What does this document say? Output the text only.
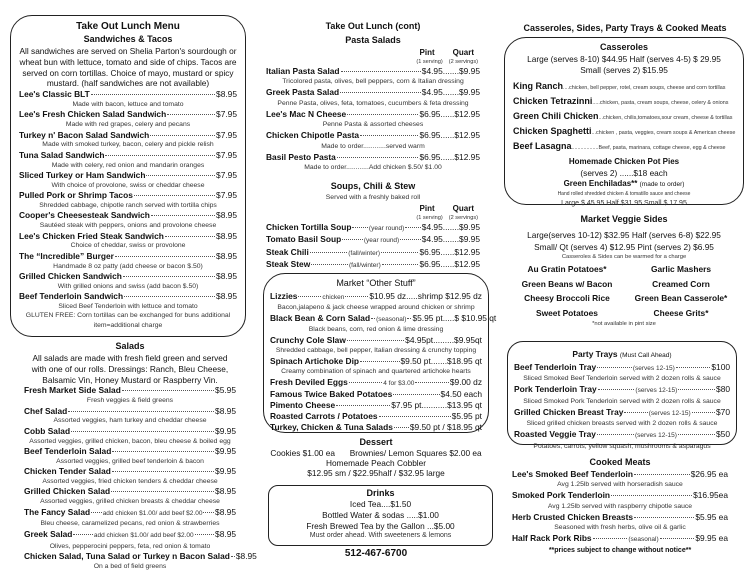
Take Out Lunch Menu
Sandwiches & Tacos
All sandwiches are served on Shelia Parton's sourdough or wheat bun with lettuce, tomato and side of chips. Tacos are served on corn tortillas. Choice of mayo, mustard or spicy mustard. (half sandwiches are not available)
Lee's Classic BLT	$8.95
Made with bacon, lettuce and tomato
Lee's Fresh Chicken Salad Sandwich	$7.95
Made with red grapes, celery and pecans
Turkey n' Bacon Salad Sandwich	$7.95
Made with smoked turkey, bacon, celery and pickle relish
Tuna Salad Sandwich	$7.95
Made with celery, red onion and mandarin oranges
Sliced Turkey or Ham Sandwich	$7.95
With choice of provolone, swiss or cheddar cheese
Pulled Pork or Shrimp Tacos	$7.95
Shredded cabbage, chipotle ranch served with tortilla chips
Cooper's Cheesesteak Sandwich	$8.95
Sautéed steak with peppers, onions and provolone cheese
Lee's Chicken Fried Steak Sandwich	$8.95
Choice of cheddar, swiss or provolone
The “Incredible” Burger	$8.95
Handmade 8 oz patty (add cheese or bacon $.50)
Grilled Chicken Sandwich	$8.95
With grilled onions and swiss (add bacon $.50)
Beef Tenderloin Sandwich	$8.95
Sliced Beef Tenderloin with lettuce and tomato
GLUTEN FREE: Corn tortillas can be exchanged for buns additional item=additional charge
Salads
All salads are made with fresh field green and served with one of our rolls. Dressings: Ranch, Bleu Cheese, Balsamic Vin, Honey Mustard or Raspberry Vin.
Fresh Market Side Salad	$5.95
Fresh veggies & field greens
Chef Salad	$8.95
Assorted veggies, ham turkey and cheddar cheese
Cobb Salad	$9.95
Assorted veggies, grilled chicken, bacon, bleu cheese & boiled egg
Beef Tenderloin Salad	$9.95
Assorted veggies, grilled beef tenderloin & bacon
Chicken Tender Salad	$9.95
Assorted veggies, fried chicken tenders & cheddar cheese
Grilled Chicken Salad	$8.95
Assorted veggies, grilled chicken breasts & cheddar cheese
The Fancy Salad add chicken $1.00/ add beef $2.00 $8.95
Bleu cheese, caramelized pecans, red onion & strawberries
Greek Salad	add chicken $1.00/ add beef $2.00	$8.95
Olives, pepperocini peppers, feta, red onion & tomato
Chicken Salad, Tuna Salad or Turkey n Bacon Salad $8.95
On a bed of field greens
Take Out Lunch (cont)
Pasta Salads
Pint Quart
(1 serving) (2 servings)
Italian Pasta Salad	$4.95.......$9.95
Tricolored pasta, olives, bell peppers, corn & Italian dressing
Greek Pasta Salad	$4.95.......$9.95
Penne Pasta, olives, feta, tomatoes, cucumbers & feta dressing
Lee's Mac N Cheese	$6.95......$12.95
Penne Pasta & assorted cheeses
Chicken Chipotle Pasta	$6.95......$12.95
Made to order............served warm
Basil Pesto Pasta	$6.95......$12.95
Made to order............Add chicken $.50/ $1.00
Soups, Chili & Stew
Served with a freshly baked roll
Pint Quart
(1 serving) (2 servings)
Chicken Tortilla Soup	(year round) $4.95.......$9.95
Tomato Basil Soup	(year round)	$4.95.......$9.95
Steak Chili	(fall/winter)	$6.95......$12.95
Steak Stew	(fall/winter)	$6.95......$12.95
Market “Other Stuff”
Lizzies	chicken	$10.95 dz.....shrimp $12.95 dz
Bacon,jalapeno & jack cheese wrapped around chicken or shrimp
Black Bean & Corn Salad (seasonal) $5.95 pt.....$ $10.95 qt
Black beans, corn, red onion & lime dressing
Crunchy Cole Slaw	$4.95pt.........$9.95qt
Shredded cabbage, bell pepper, Italian dressing & crunchy topping
Spinach Artichoke Dip	$9.50 pt.......$18.95 qt
Creamy combination of spinach and quartered artichoke hearts
Fresh Deviled Eggs	4 for $3.00	$9.00 dz
Famous Twice Baked Potatoes	$4.50 each
Pimento Cheese	$7.95 pt...........$13.95 qt
Roasted Carrots / Potatoes	$5.95 pt
Turkey, Chicken & Tuna Salads $9.50 pt / $18.95 qt
Dessert
Cookies $1.00 ea Brownies/ Lemon Squares $2.00 ea
Homemade Peach Cobbler
$12.95 sm / $22.95half / $32.95 large
Drinks
Iced Tea....$1.50
Bottled Water & sodas .....$1.00
Fresh Brewed Tea by the Gallon ...$5.00
Must order ahead. With sweeteners & lemons
512-467-6700
Casseroles, Sides, Party Trays & Cooked Meats
Casseroles
Large (serves 8-10) $44.95 Half (serves 4-5) $ 29.95
Small (serves 2) $15.95
King Ranch....chicken, bell pepper, rotel, cream soups, cheese and corn tortillas
Chicken Tetrazinni.....chicken, pasta, cream soups, cheese, celery & onions
Green Chili Chicken...chicken, chilis,tomatoes,sour cream, cheese & tortillas
Chicken Spaghetti...chicken , pasta, veggies, cream soups & American cheese
Beef Lasagna..................Beef, pasta, marinara, cottage cheese, egg & cheese
Homemade Chicken Pot Pies
(serves 2) ......$18 each
Green Enchiladas** (made to order)
Hand rolled shredded chicken & tomatillo sauce and cheese
Large $ 45.95 Half $31.95 Small $ 17.95
Market Veggie Sides
Large(serves 10-12) $32.95 Half (serves 6-8) $22.95
Small/ Qt (serves 4) $12.95 Pint (serves 2) $6.95
Casseroles & Sides can be warmed for a charge
Au Gratin Potatoes*	Garlic Mashers
Green Beans w/ Bacon	Creamed Corn
Cheesy Broccoli Rice	Green Bean Casserole*
Sweet Potatoes	Cheese Grits*
*not available in pint size
Party Trays (Must Call Ahead)
Beef Tenderloin Tray	(serves 12-15)	$100
Sliced Smoked Beef Tenderloin served with 2 dozen rolls & sauce
Pork Tenderloin Tray	(serves 12-15)	$80
Sliced Smoked Pork Tenderloin served with 2 dozen rolls & sauce
Grilled Chicken Breast Tray	(serves 12-15)	$70
Sliced grilled chicken breasts served with 2 dozen rolls & sauce
Roasted Veggie Tray	(serves 12-15)	$50
Potatoes, carrots, yellow squash, mushrooms & asparagus
Cooked Meats
Lee's Smoked Beef Tenderloin	$26.95 ea
Avg 1.25lb served with horseradish sauce
Smoked Pork Tenderloin	$16.95ea
Avg 1.25lb served with raspberry chipotle sauce
Herb Crusted Chicken Breasts	$5.95 ea
Seasoned with fresh herbs, olive oil & garlic
Half Rack Pork Ribs	(seasonal)	$9.95 ea
**prices subject to change without notice**
